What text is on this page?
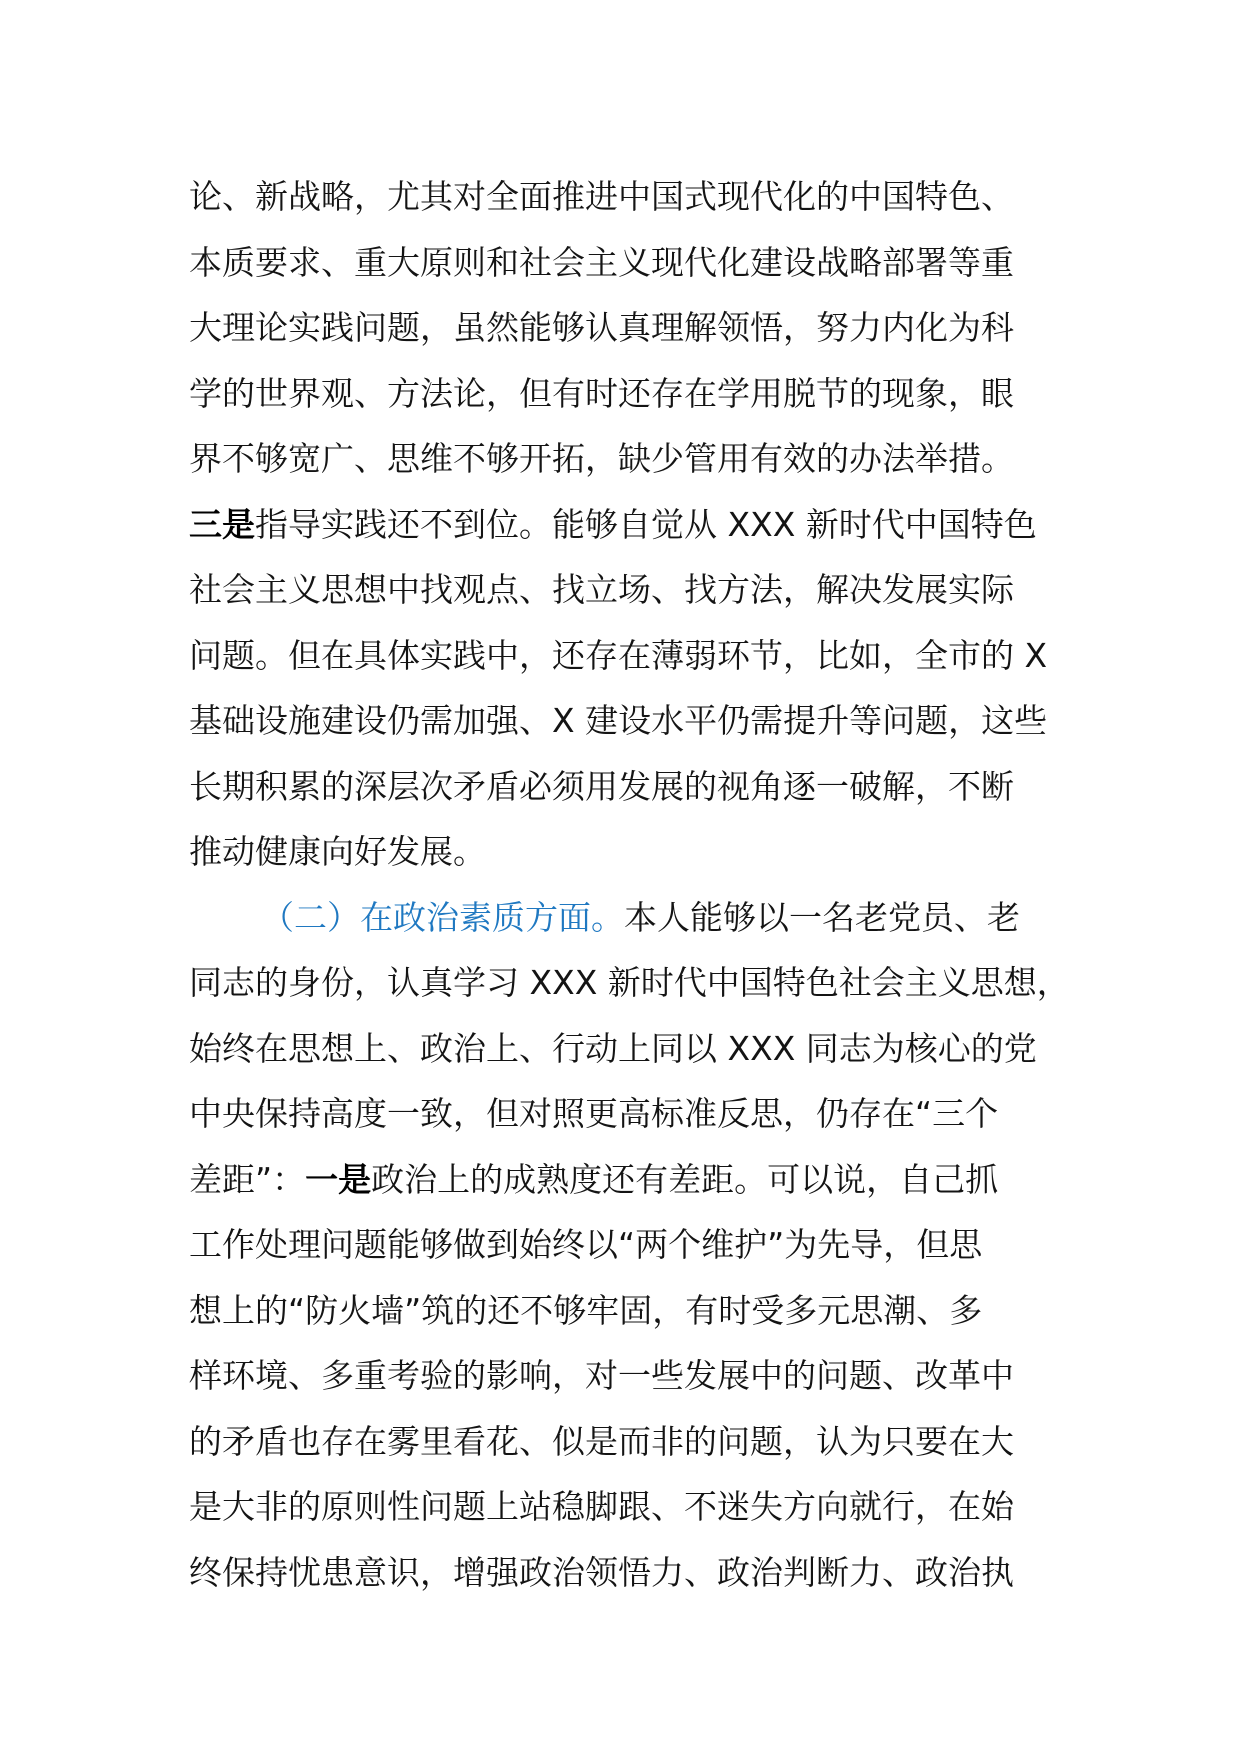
论、新战略，尤其对全面推进中国式现代化的中国特色、
本质要求、重大原则和社会主义现代化建设战略部署等重
大理论实践问题，虽然能够认真理解领悟，努力内化为科
学的世界观、方法论，但有时还存在学用脱节的现象，眼
界不够宽广、思维不够开拓，缺少管用有效的办法举措。
三是指导实践还不到位。能够自觉从 XXX 新时代中国特色
社会主义思想中找观点、找立场、找方法，解决发展实际
问题。但在具体实践中，还存在薄弱环节，比如，全市的 X
基础设施建设仍需加强、X 建设水平仍需提升等问题，这些
长期积累的深层次矛盾必须用发展的视角逐一破解，不断
推动健康向好发展。
（二）在政治素质方面。本人能够以一名老党员、老
同志的身份，认真学习 XXX 新时代中国特色社会主义思想，
始终在思想上、政治上、行动上同以 XXX 同志为核心的党
中央保持高度一致，但对照更高标准反思，仍存在“三个
差距”：一是政治上的成熟度还有差距。可以说，自己抓
工作处理问题能够做到始终以“两个维护”为先导，但思
想上的“防火墙”筑的还不够牢固，有时受多元思潮、多
样环境、多重考验的影响，对一些发展中的问题、改革中
的矛盾也存在雾里看花、似是而非的问题，认为只要在大
是大非的原则性问题上站稳脚跟、不迷失方向就行，在始
终保持忧患意识，增强政治领悟力、政治判断力、政治执
